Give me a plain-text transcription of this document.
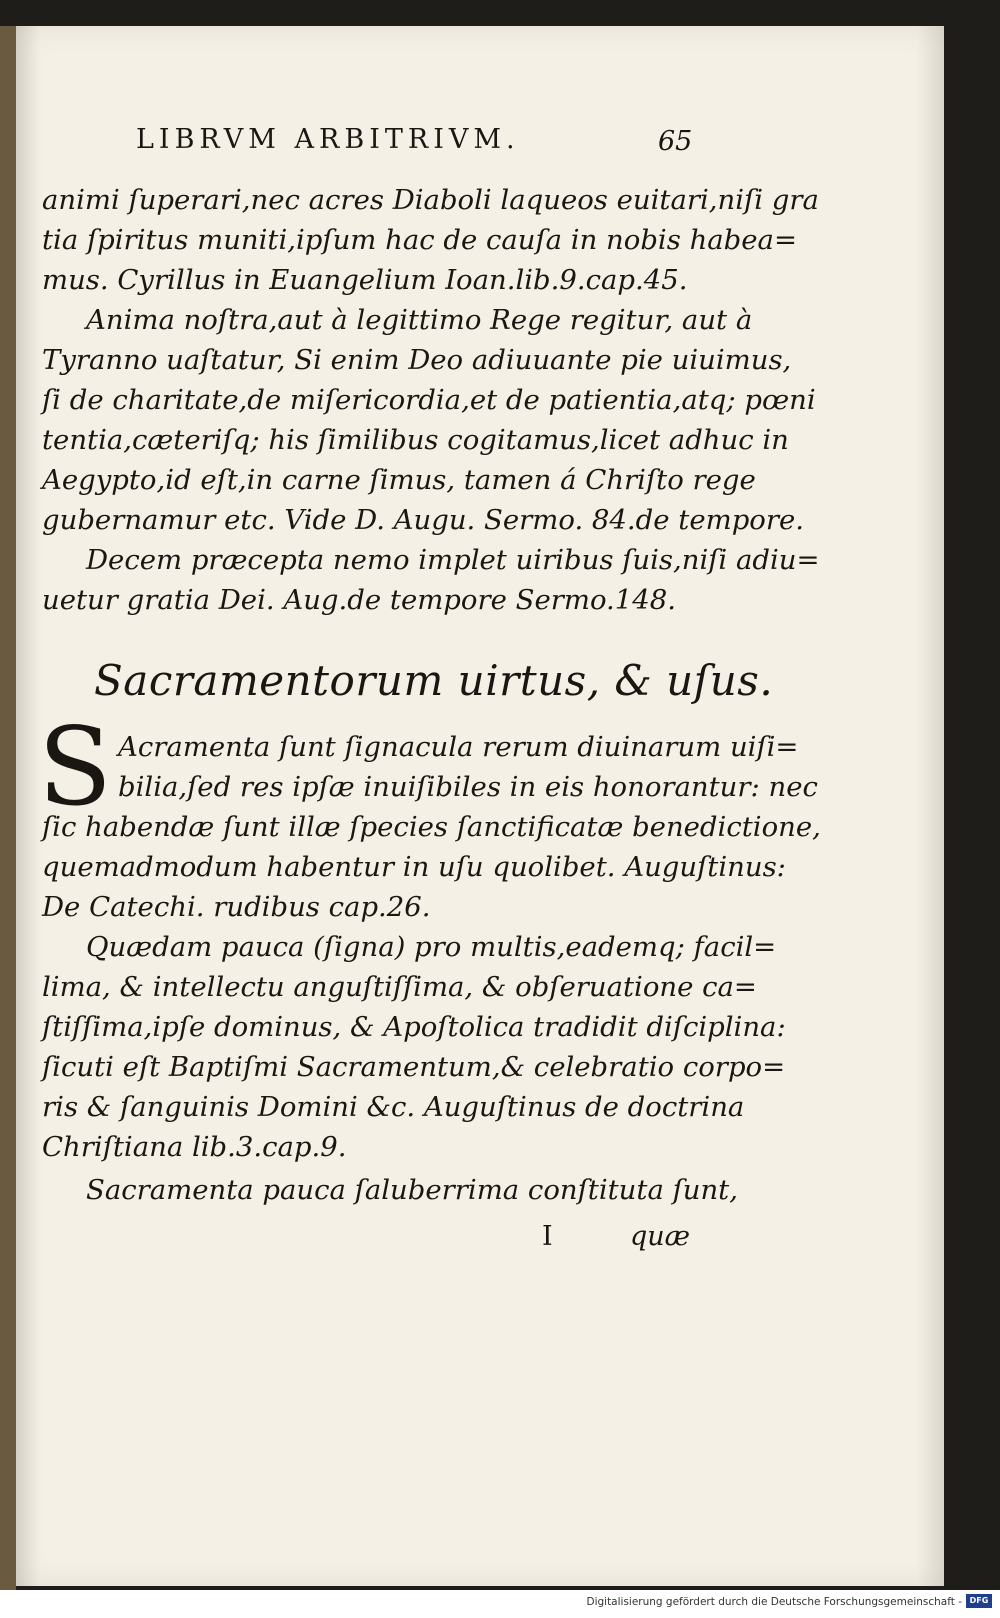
LIBRVM ARBITRIVM.	65
animi ſuperari,nec acres Diaboli laqueos euitari,niſi gra
tia ſpiritus muniti,ipſum hac de cauſa in nobis habea=
mus. Cyrillus in Euangelium Ioan.lib.9.cap.45.
Anima noſtra,aut à legittimo Rege regitur, aut à
Tyranno uaſtatur, Si enim Deo adiuuante pie uiuimus,
ſi de charitate,de miſericordia,et de patientia,atq; pœni
tentia,cæteriſq; his ſimilibus cogitamus,licet adhuc in
Aegypto,id eſt,in carne ſimus, tamen á Chriſto rege
gubernamur etc. Vide D. Augu. Sermo. 84.de tempore.
Decem præcepta nemo implet uiribus ſuis,niſi adiu=
uetur gratia Dei. Aug.de tempore Sermo.148.
Sacramentorum uirtus, & uſus.
S Acramenta ſunt ſignacula rerum diuinarum uiſi=
bilia,ſed res ipſæ inuiſibiles in eis honorantur: nec
ſic habendæ ſunt illæ ſpecies ſanctificatæ benedictione,
quemadmodum habentur in uſu quolibet. Auguſtinus:
De Catechi. rudibus cap.26.
Quædam pauca (ſigna) pro multis,eademq; facil=
lima, & intellectu anguſtiſſima, & obſeruatione ca=
ſtiſſima,ipſe dominus, & Apoſtolica tradidit diſciplina:
ſicuti eſt Baptiſmi Sacramentum,& celebratio corpo=
ris & ſanguinis Domini &c. Auguſtinus de doctrina
Chriſtiana lib.3.cap.9.
Sacramenta pauca ſaluberrima conſtituta ſunt,
I	quæ
Digitalisierung gefördert durch die Deutsche Forschungsgemeinschaft - DFG
